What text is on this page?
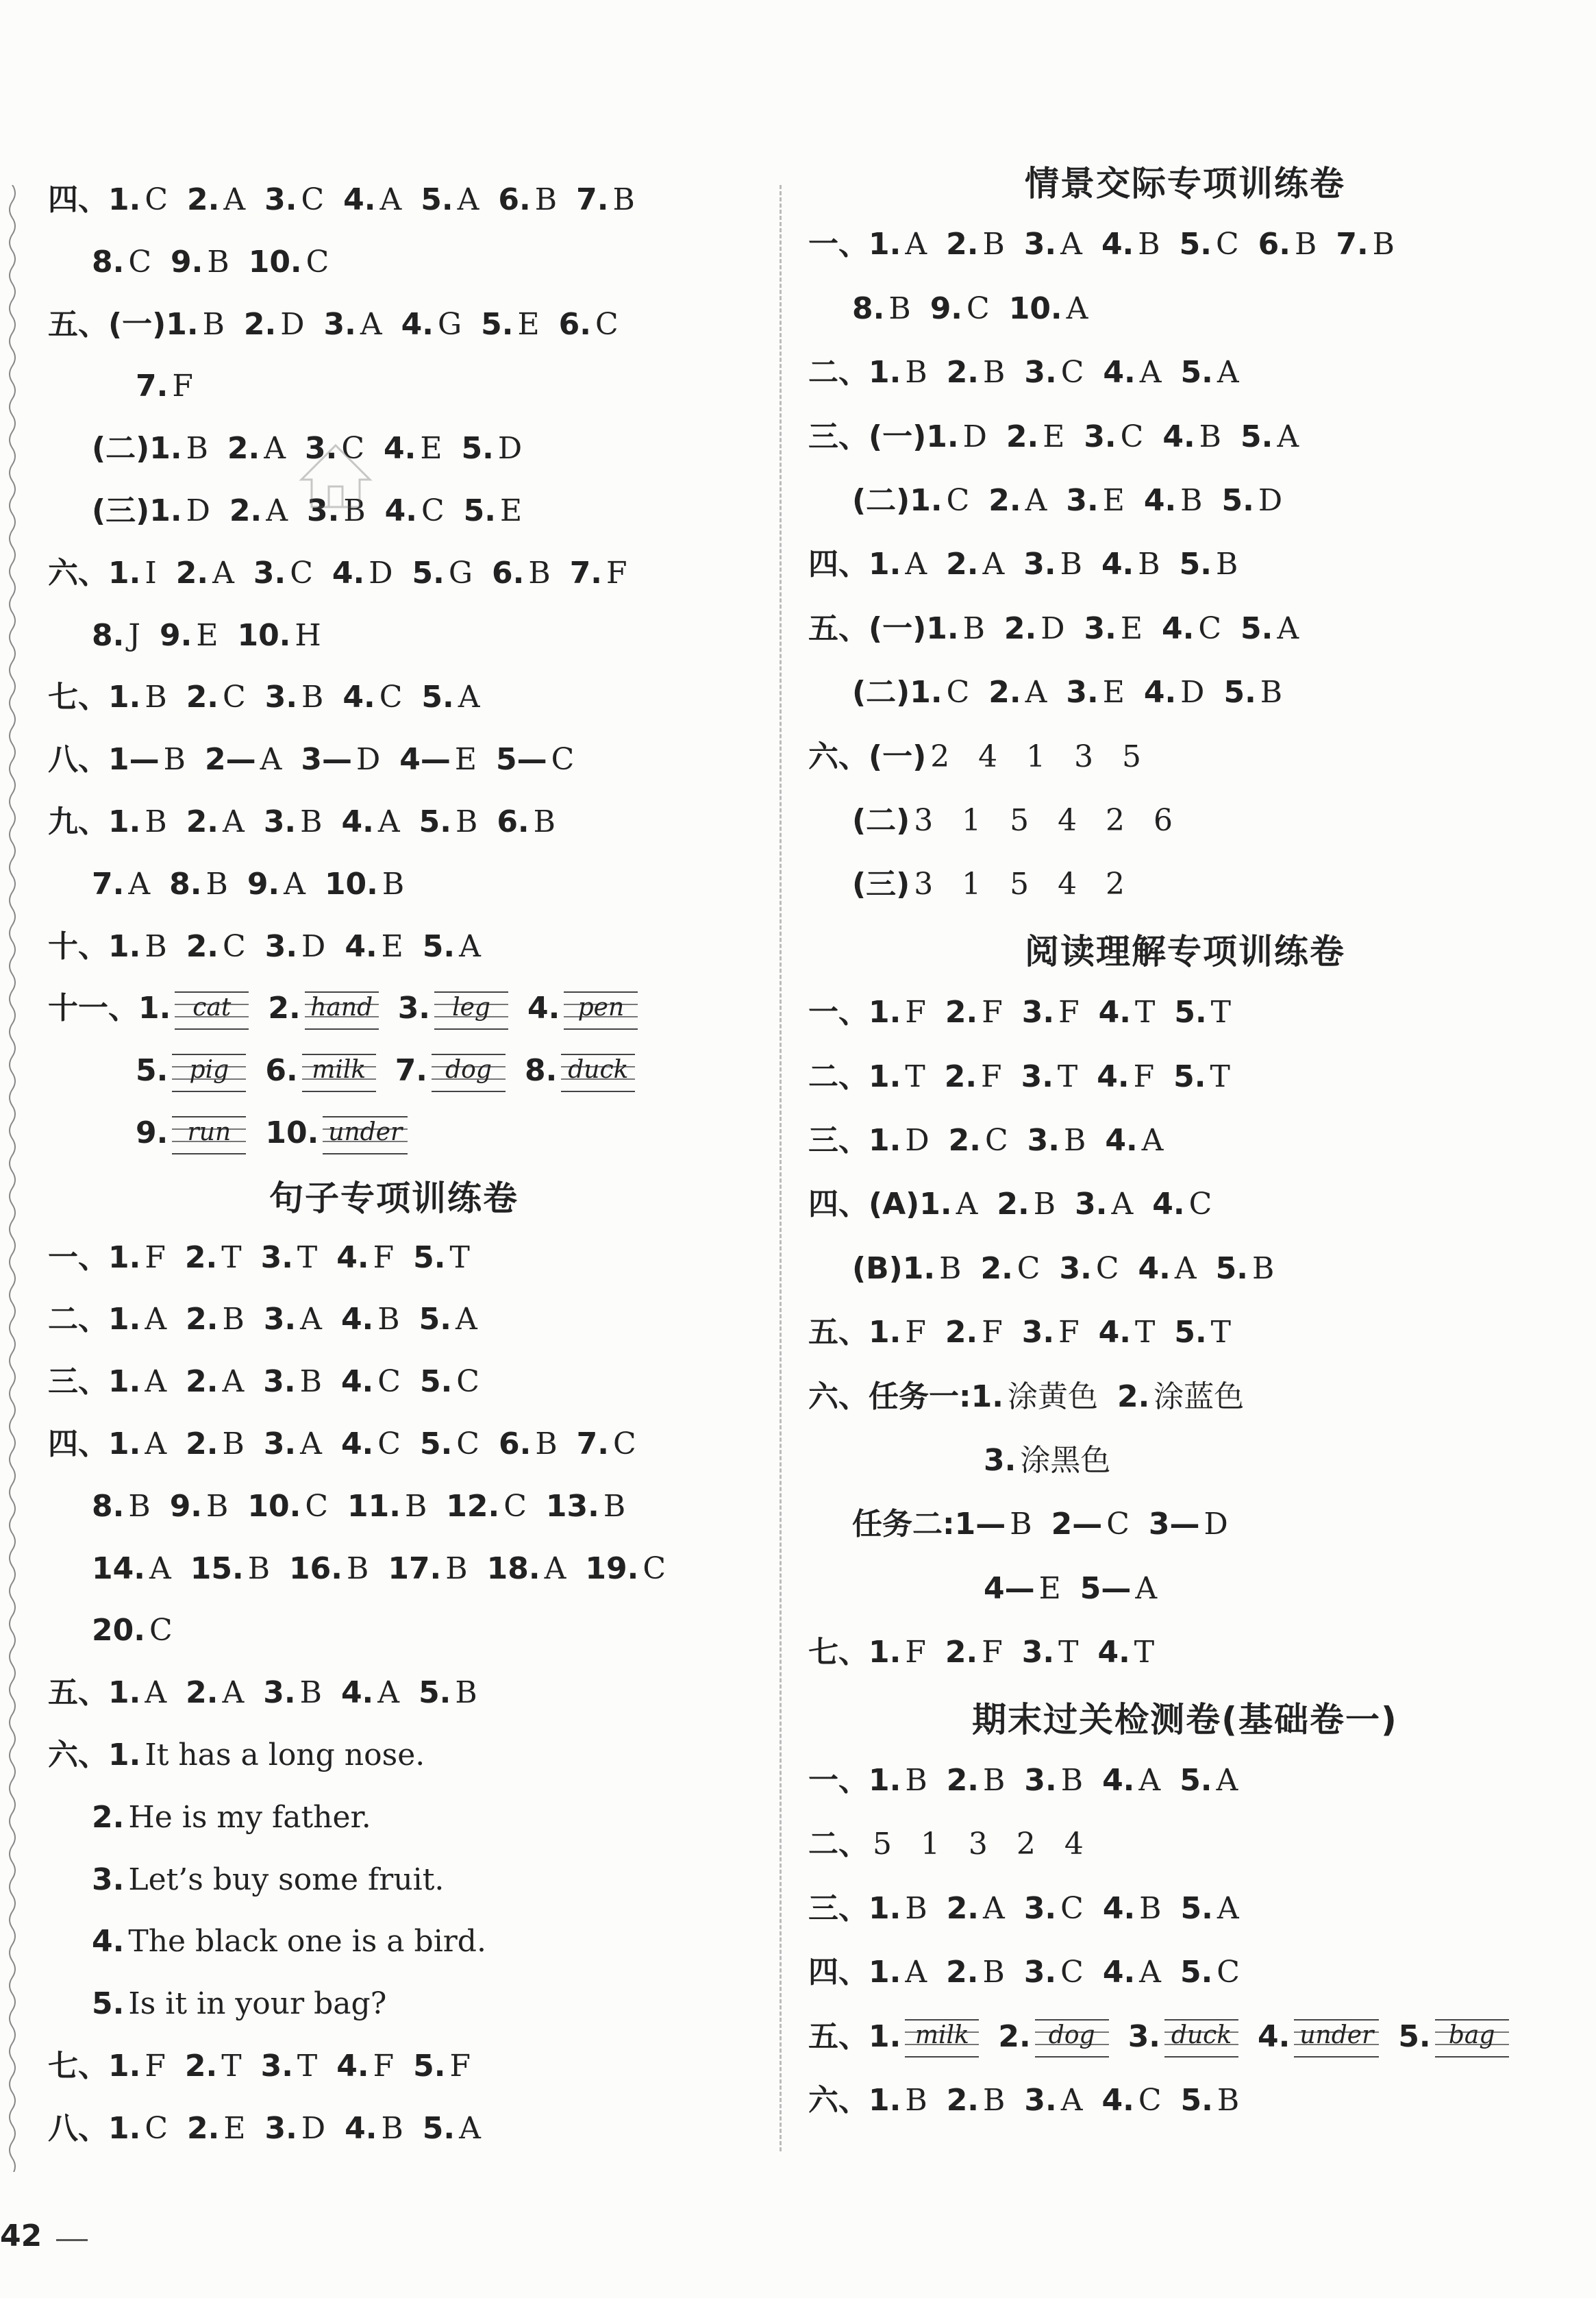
四、1. C 2. A 3. C 4. A 5. A 6. B 7. B
8. C 9. B 10. C
五、(一)1. B 2. D 3. A 4. G 5. E 6. C
7. F
(二)1. B 2. A 3. C 4. E 5. D
(三)1. D 2. A 3. B 4. C 5. E
六、1. I 2. A 3. C 4. D 5. G 6. B 7. F
8. J 9. E 10. H
七、1. B 2. C 3. B 4. C 5. A
八、1— B 2— A 3— D 4— E 5— C
九、1. B 2. A 3. B 4. A 5. B 6. B
7. A 8. B 9. A 10. B
十、1. B 2. C 3. D 4. E 5. A
十一、1. cat 2. hand 3. leg 4. pen
5. pig 6. milk 7. dog 8. duck
9. run 10. under
句子专项训练卷
一、1. F 2. T 3. T 4. F 5. T
二、1. A 2. B 3. A 4. B 5. A
三、1. A 2. A 3. B 4. C 5. C
四、1. A 2. B 3. A 4. C 5. C 6. B 7. C
8. B 9. B 10. C 11. B 12. C 13. B
14. A 15. B 16. B 17. B 18. A 19. C
20. C
五、1. A 2. A 3. B 4. A 5. B
六、1. It has a long nose.
2. He is my father.
3. Let’s buy some fruit.
4. The black one is a bird.
5. Is it in your bag?
七、1. F 2. T 3. T 4. F 5. F
八、1. C 2. E 3. D 4. B 5. A
情景交际专项训练卷
一、1. A 2. B 3. A 4. B 5. C 6. B 7. B
8. B 9. C 10. A
二、1. B 2. B 3. C 4. A 5. A
三、(一)1. D 2. E 3. C 4. B 5. A
(二)1. C 2. A 3. E 4. B 5. D
四、1. A 2. A 3. B 4. B 5. B
五、(一)1. B 2. D 3. E 4. C 5. A
(二)1. C 2. A 3. E 4. D 5. B
六、(一) 2   4   1   3   5
(二) 3   1   5   4   2   6
(三) 3   1   5   4   2
阅读理解专项训练卷
一、1. F 2. F 3. F 4. T 5. T
二、1. T 2. F 3. T 4. F 5. T
三、1. D 2. C 3. B 4. A
四、(A)1. A 2. B 3. A 4. C
(B)1. B 2. C 3. C 4. A 5. B
五、1. F 2. F 3. F 4. T 5. T
六、任务一:1. 涂黄色 2. 涂蓝色
3. 涂黑色
任务二:1— B 2— C 3— D
4— E 5— A
七、1. F 2. F 3. T 4. T
期末过关检测卷(基础卷一)
一、1. B 2. B 3. B 4. A 5. A
二、 5   1   3   2   4
三、1. B 2. A 3. C 4. B 5. A
四、1. A 2. B 3. C 4. A 5. C
五、1. milk 2. dog 3. duck 4. under 5. bag
六、1. B 2. B 3. A 4. C 5. B
42
